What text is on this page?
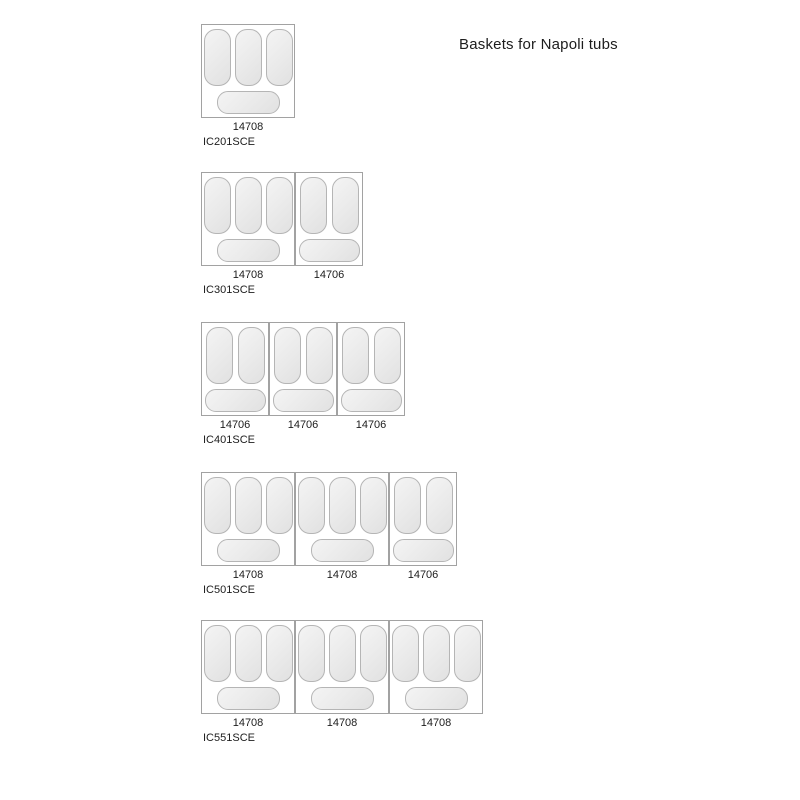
Baskets for Napoli tubs
14708
IC201SCE
14708	14706
IC301SCE
14706	14706	14706
IC401SCE
14708	14708	14706
IC501SCE
14708	14708	14708
IC551SCE
